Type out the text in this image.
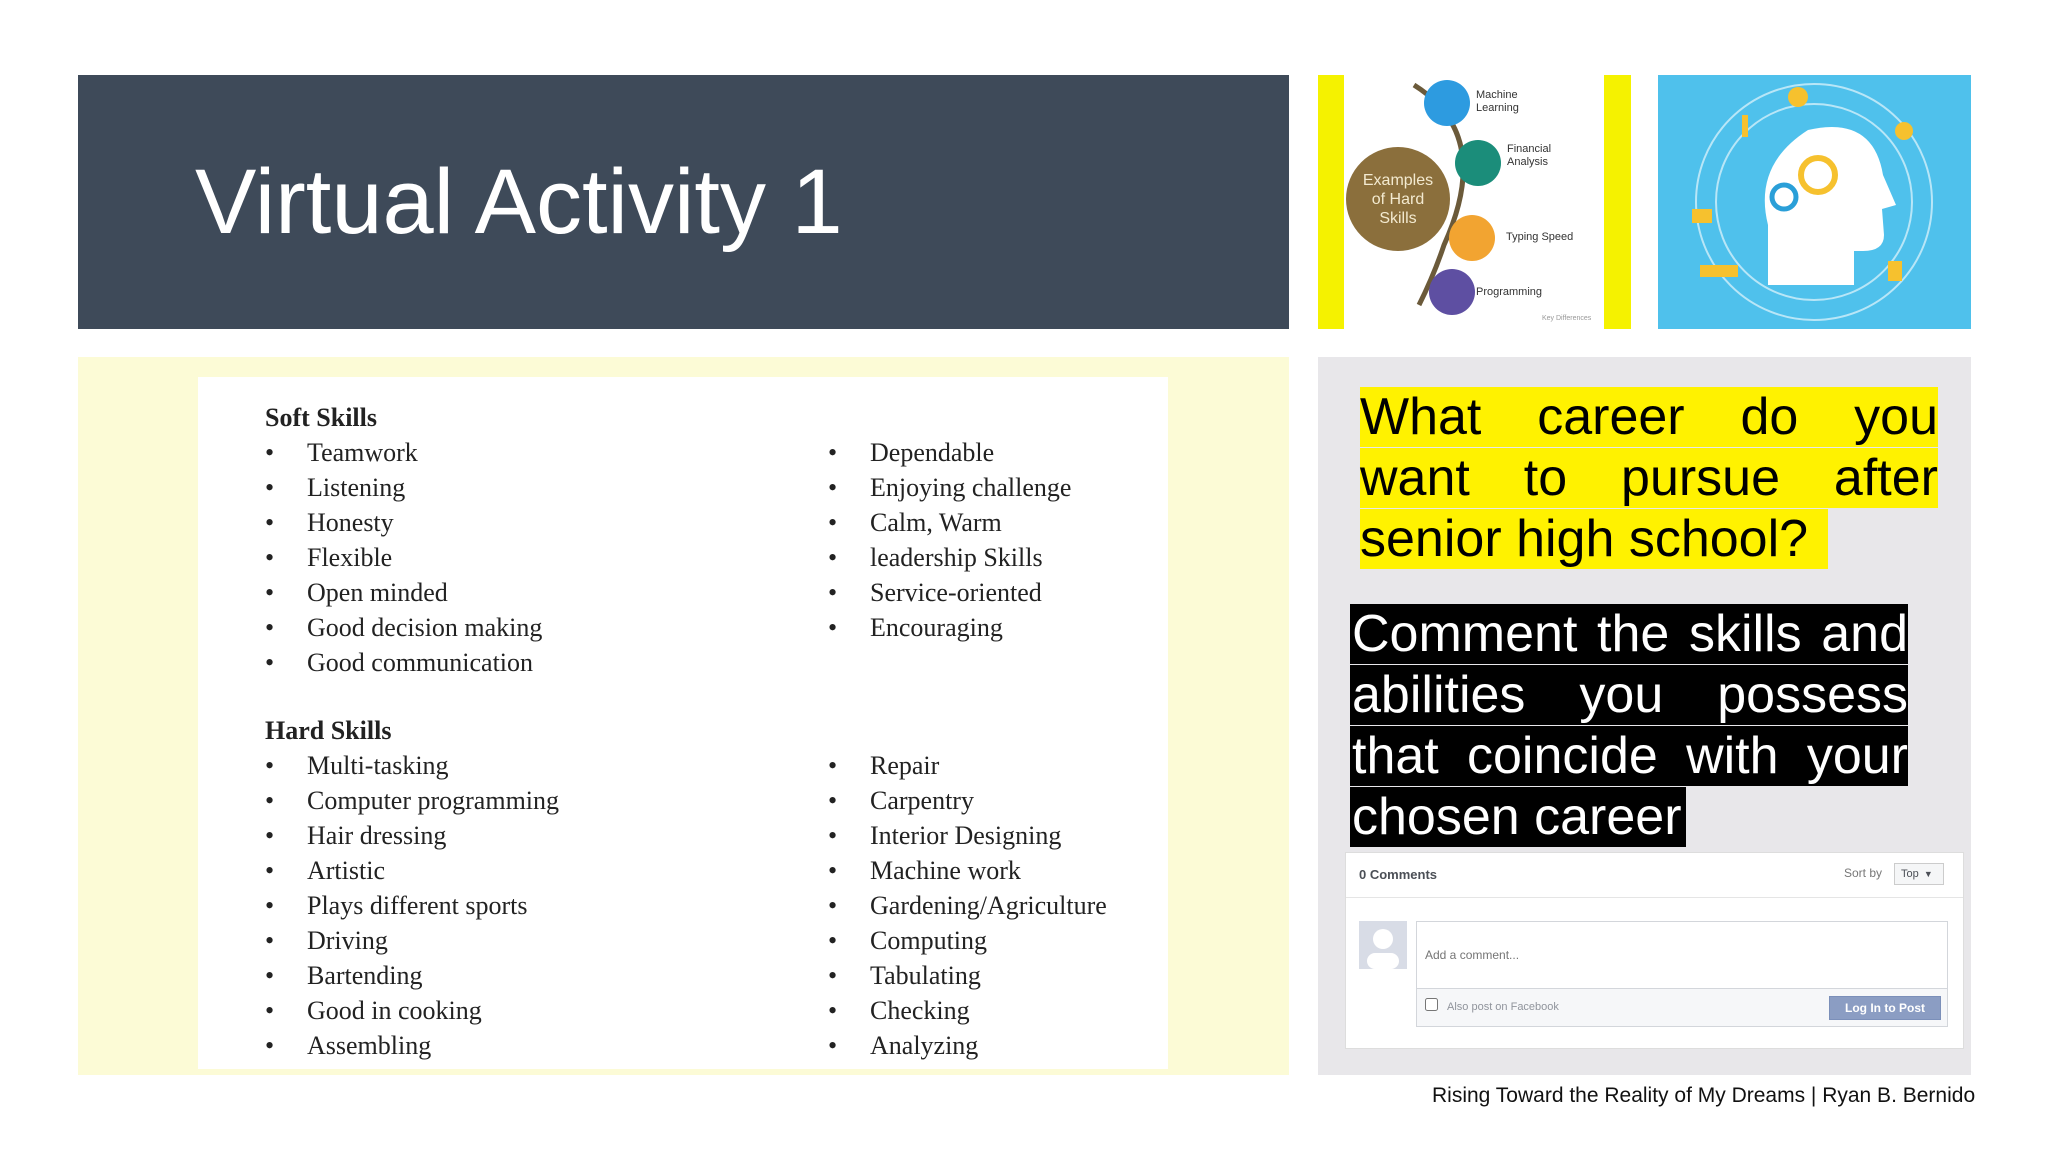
Virtual Activity 1	Examples
of Hard
Skills
Machine Learning
Financial Analysis
Typing Speed
Programming
Key Differences
Soft Skills
• Teamwork
• Listening
• Honesty
• Flexible
• Open minded
• Good decision making
• Good communication
• Dependable
• Enjoying challenge
• Calm, Warm
• leadership Skills
• Service-oriented
• Encouraging
Hard Skills
• Multi-tasking
• Computer programming
• Hair dressing
• Artistic
• Plays different sports
• Driving
• Bartending
• Good in cooking
• Assembling
• Repair
• Carpentry
• Interior Designing
• Machine work
• Gardening/Agriculture
• Computing
• Tabulating
• Checking
• Analyzing
What career do you
want to pursue after
senior high school?
Comment the skills and
abilities you possess
that coincide with your
chosen career
0 Comments	Sort by	Top ▼
Add a comment...
Also post on Facebook	Log In to Post
Rising Toward the Reality of My Dreams | Ryan B. Bernido
